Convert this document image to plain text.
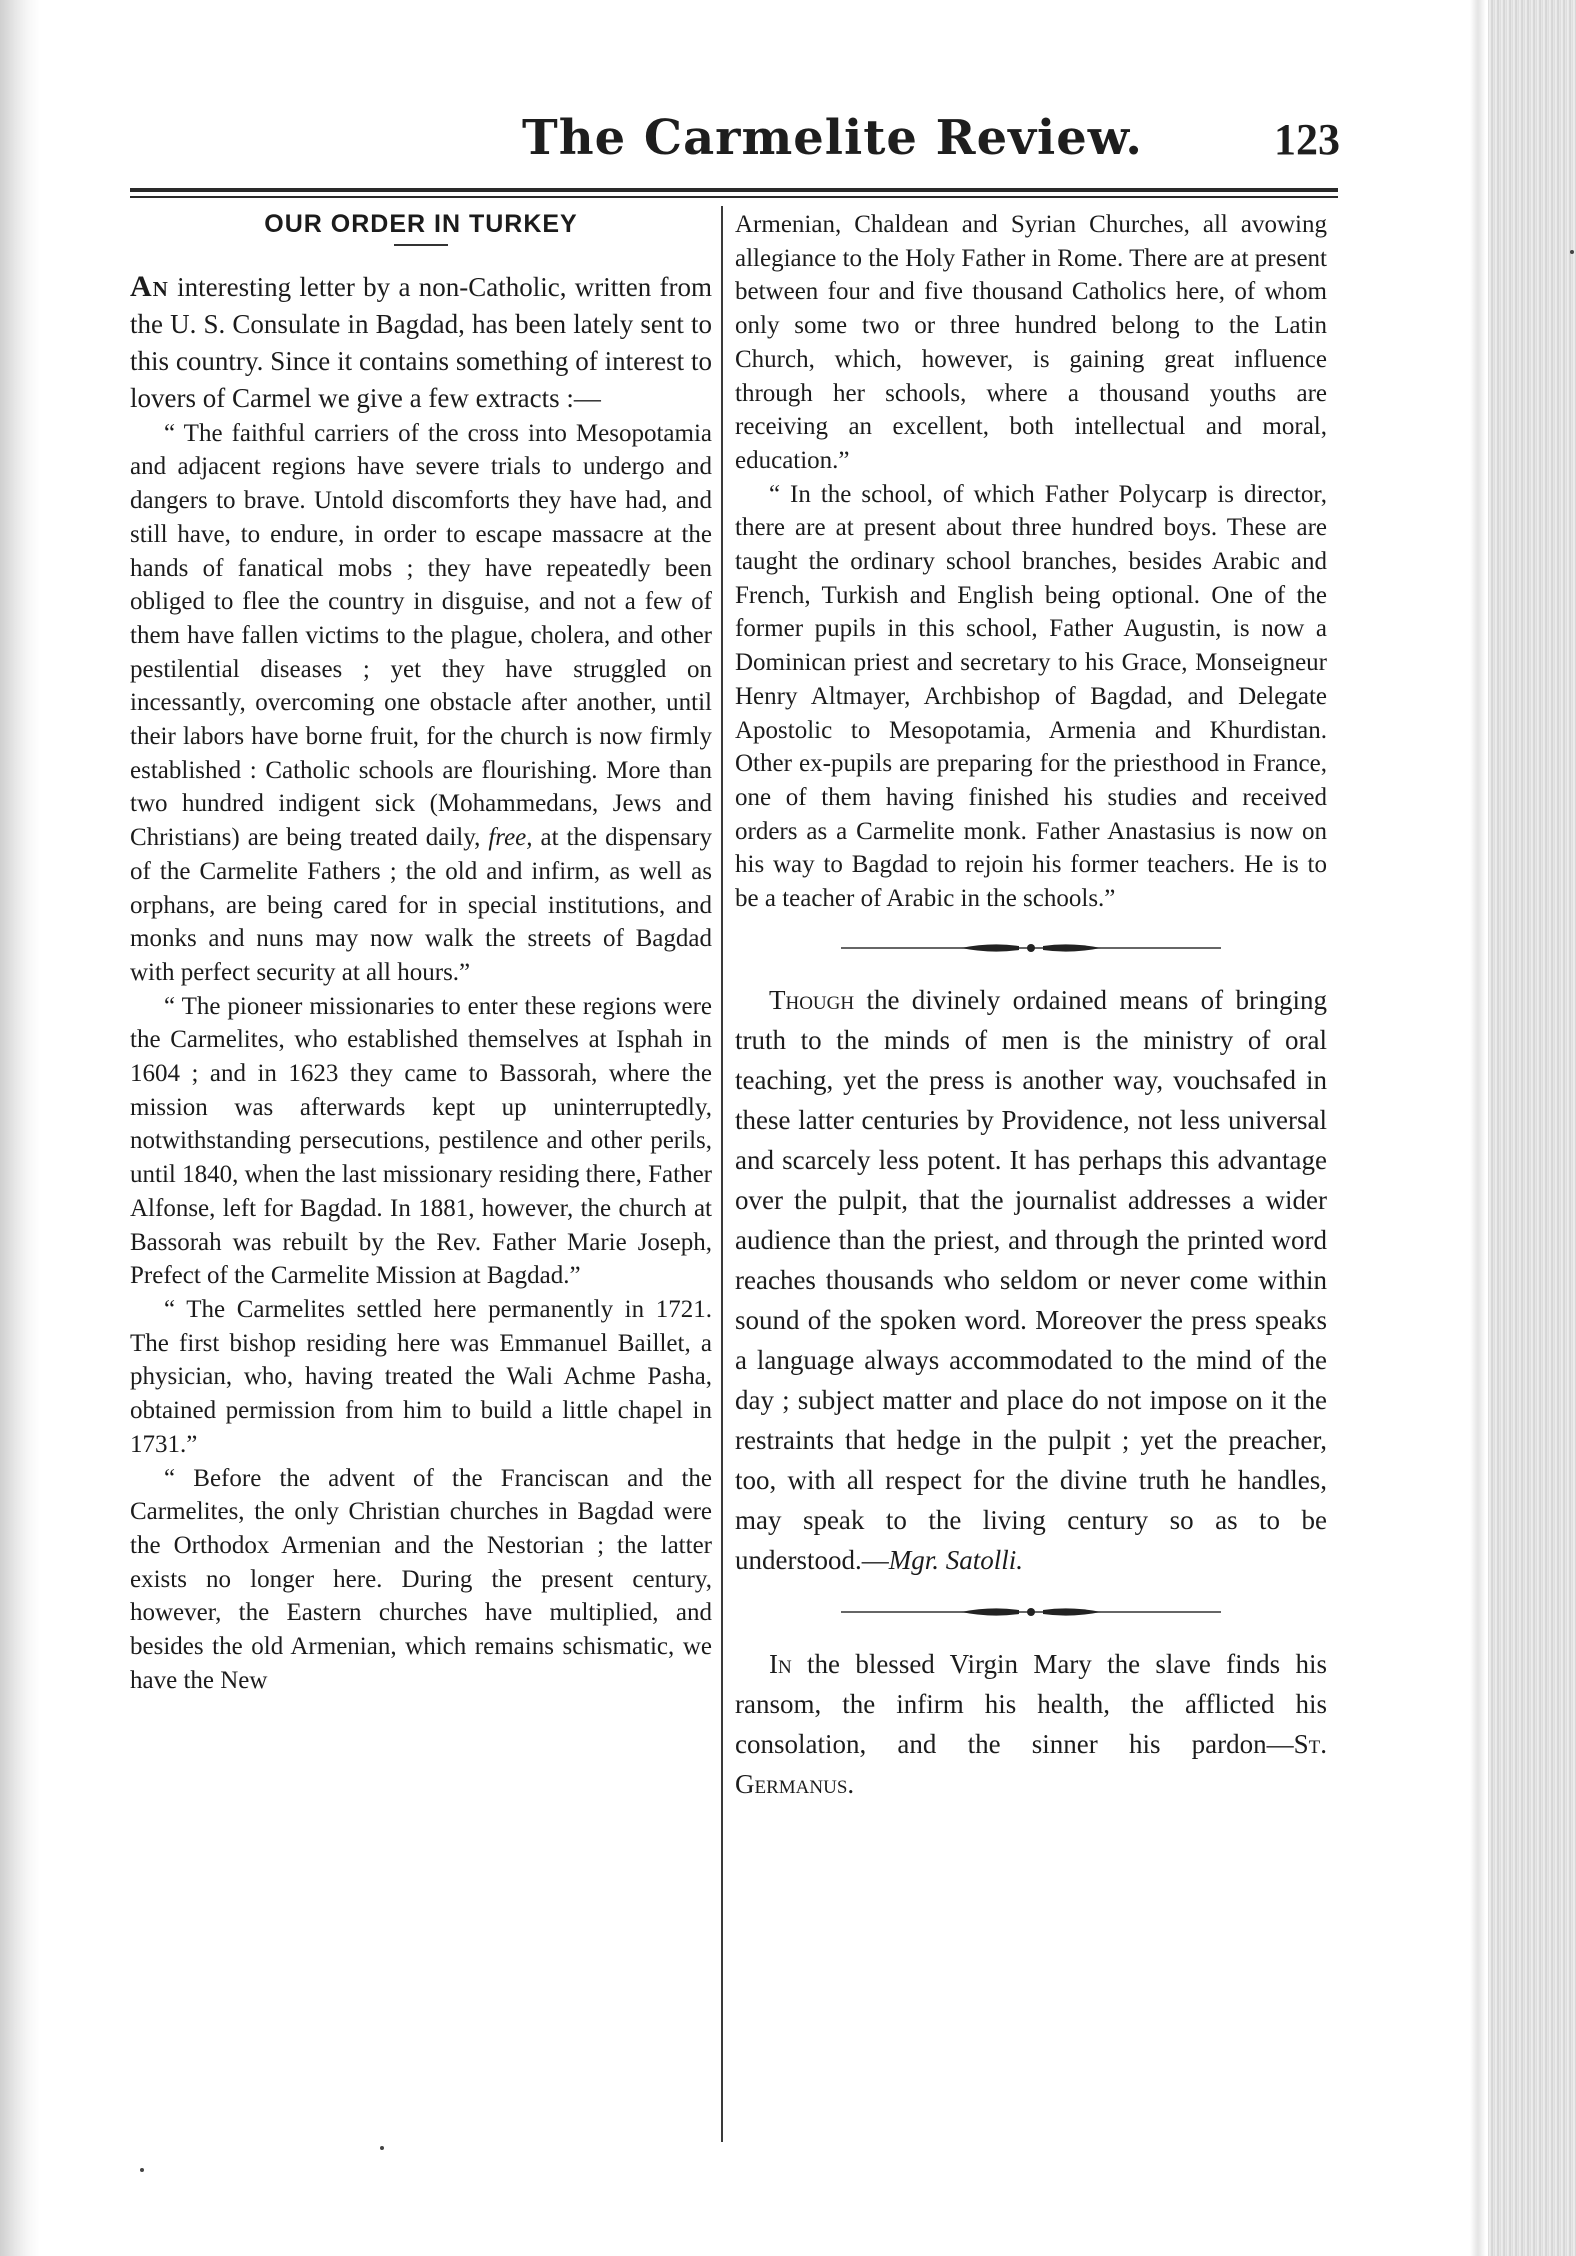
The Carmelite Review.	123

OUR ORDER IN TURKEY

An interesting letter by a non-Catholic, written from the U. S. Consulate in Bagdad, has been lately sent to this country. Since it contains something of interest to lovers of Carmel we give a few extracts :—

“ The faithful carriers of the cross into Mesopotamia and adjacent regions have severe trials to undergo and dangers to brave. Untold discomforts they have had, and still have, to endure, in order to escape massacre at the hands of fanatical mobs ; they have repeatedly been obliged to flee the country in disguise, and not a few of them have fallen victims to the plague, cholera, and other pestilential diseases ; yet they have struggled on incessantly, overcoming one obstacle after another, until their labors have borne fruit, for the church is now firmly established : Catholic schools are flourishing. More than two hundred indigent sick (Mohammedans, Jews and Christians) are being treated daily, free, at the dispensary of the Carmelite Fathers ; the old and infirm, as well as orphans, are being cared for in special institutions, and monks and nuns may now walk the streets of Bagdad with perfect security at all hours.”

“ The pioneer missionaries to enter these regions were the Carmelites, who established themselves at Isphah in 1604 ; and in 1623 they came to Bassorah, where the mission was afterwards kept up uninterruptedly, notwithstanding persecutions, pestilence and other perils, until 1840, when the last missionary residing there, Father Alfonse, left for Bagdad. In 1881, however, the church at Bassorah was rebuilt by the Rev. Father Marie Joseph, Prefect of the Carmelite Mission at Bagdad.”

“ The Carmelites settled here permanently in 1721. The first bishop residing here was Emmanuel Baillet, a physician, who, having treated the Wali Achme Pasha, obtained permission from him to build a little chapel in 1731.”

“ Before the advent of the Franciscan and the Carmelites, the only Christian churches in Bagdad were the Orthodox Armenian and the Nestorian ; the latter exists no longer here. During the present century, however, the Eastern churches have multiplied, and besides the old Armenian, which remains schismatic, we have the New

Armenian, Chaldean and Syrian Churches, all avowing allegiance to the Holy Father in Rome. There are at present between four and five thousand Catholics here, of whom only some two or three hundred belong to the Latin Church, which, however, is gaining great influence through her schools, where a thousand youths are receiving an excellent, both intellectual and moral, education.”

“ In the school, of which Father Polycarp is director, there are at present about three hundred boys. These are taught the ordinary school branches, besides Arabic and French, Turkish and English being optional. One of the former pupils in this school, Father Augustin, is now a Dominican priest and secretary to his Grace, Monseigneur Henry Altmayer, Archbishop of Bagdad, and Delegate Apostolic to Mesopotamia, Armenia and Khurdistan. Other ex-pupils are preparing for the priesthood in France, one of them having finished his studies and received orders as a Carmelite monk. Father Anastasius is now on his way to Bagdad to rejoin his former teachers. He is to be a teacher of Arabic in the schools.”

Though the divinely ordained means of bringing truth to the minds of men is the ministry of oral teaching, yet the press is another way, vouchsafed in these latter centuries by Providence, not less universal and scarcely less potent. It has perhaps this advantage over the pulpit, that the journalist addresses a wider audience than the priest, and through the printed word reaches thousands who seldom or never come within sound of the spoken word. Moreover the press speaks a language always accommodated to the mind of the day ; subject matter and place do not impose on it the restraints that hedge in the pulpit ; yet the preacher, too, with all respect for the divine truth he handles, may speak to the living century so as to be understood.—Mgr. Satolli.

In the blessed Virgin Mary the slave finds his ransom, the infirm his health, the afflicted his consolation, and the sinner his pardon—St. Germanus.
